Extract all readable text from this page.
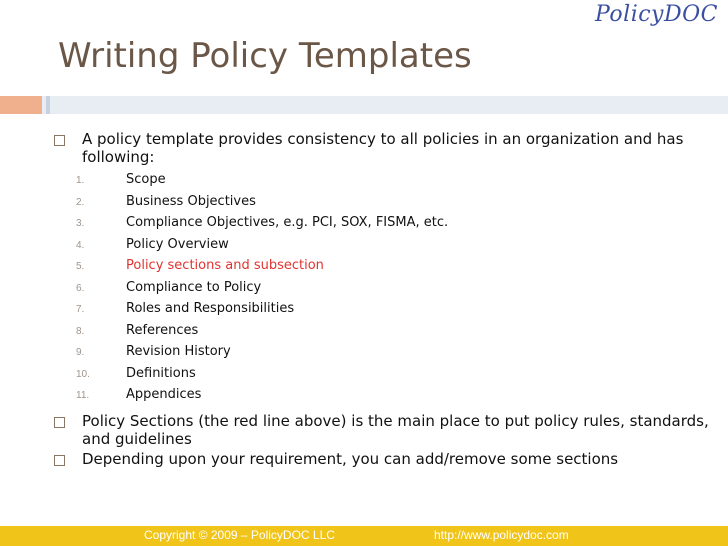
PolicyDOC
Writing Policy Templates
A policy template provides consistency to all policies in an organization and has following:
1.	Scope
2.	Business Objectives
3.	Compliance Objectives, e.g. PCI, SOX, FISMA, etc.
4.	Policy Overview
5.	Policy sections and subsection
6.	Compliance to Policy
7.	Roles and Responsibilities
8.	References
9.	Revision History
10.	Definitions
11.	Appendices
Policy Sections (the red line above) is the main place to put policy rules, standards, and guidelines
Depending upon your requirement, you can add/remove some sections
Copyright © 2009 – PolicyDOC LLC	http://www.policydoc.com
